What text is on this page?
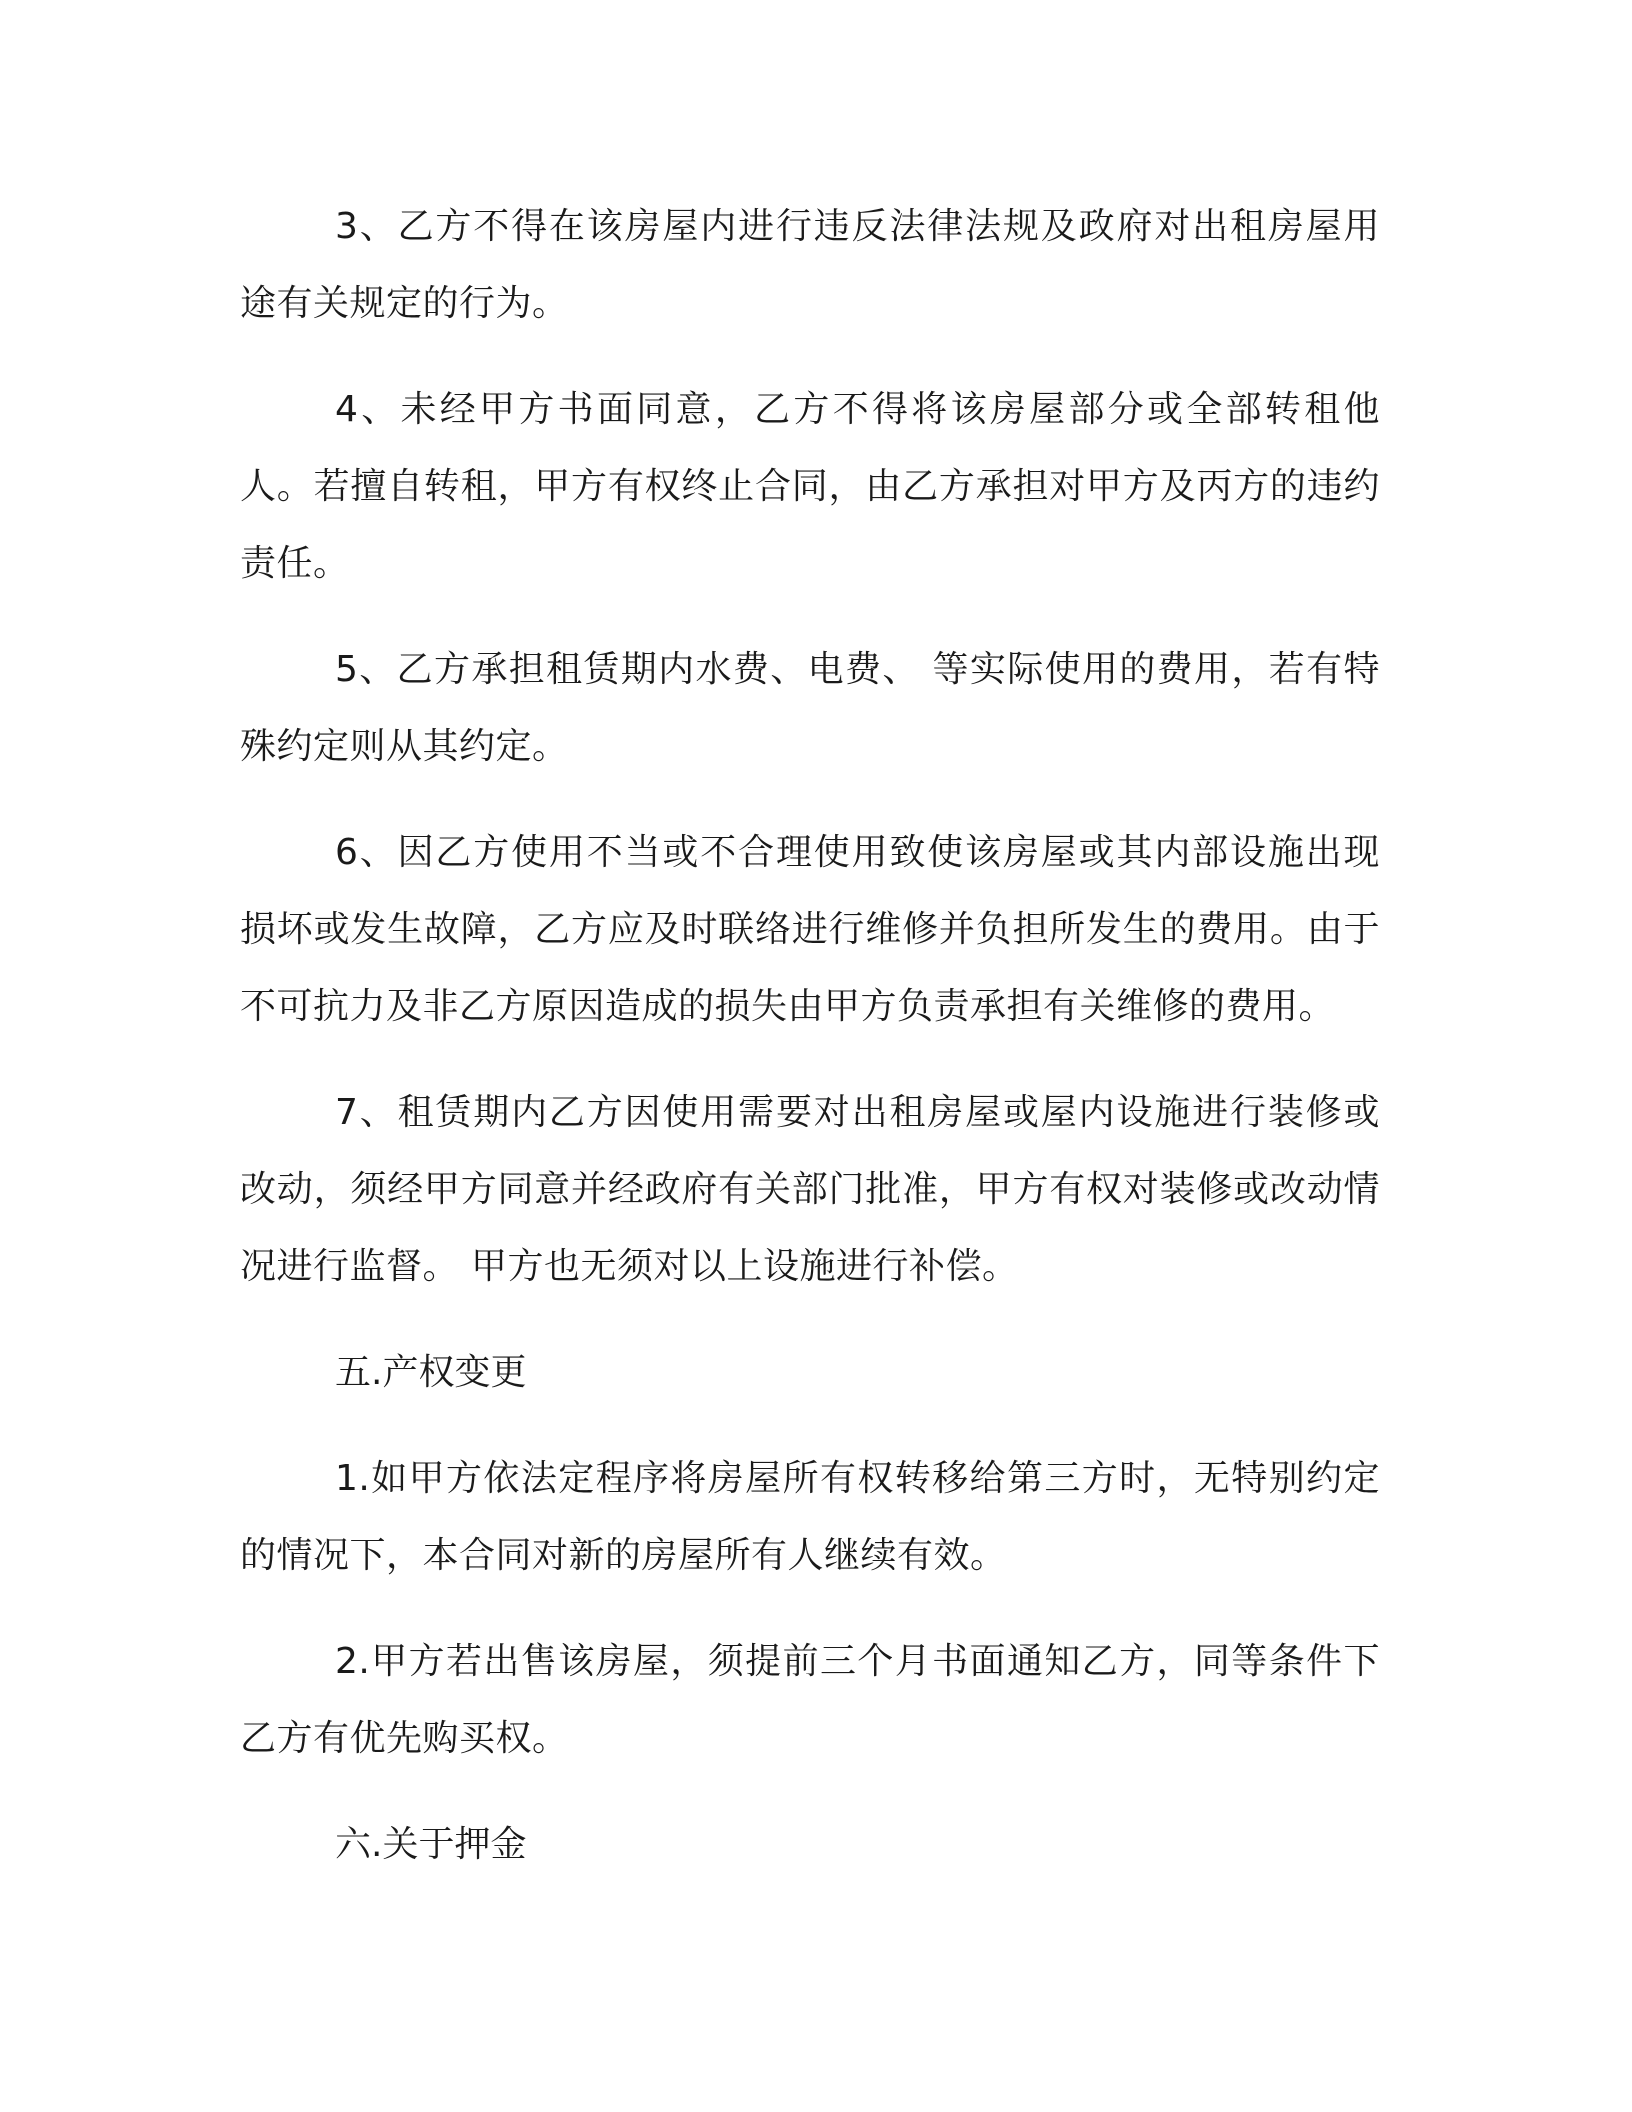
3、乙方不得在该房屋内进行违反法律法规及政府对出租房屋用途有关规定的行为。

4、未经甲方书面同意，乙方不得将该房屋部分或全部转租他人。若擅自转租，甲方有权终止合同，由乙方承担对甲方及丙方的违约责任。

5、乙方承担租赁期内水费、电费、 等实际使用的费用，若有特殊约定则从其约定。

6、因乙方使用不当或不合理使用致使该房屋或其内部设施出现损坏或发生故障，乙方应及时联络进行维修并负担所发生的费用。由于不可抗力及非乙方原因造成的损失由甲方负责承担有关维修的费用。

7、租赁期内乙方因使用需要对出租房屋或屋内设施进行装修或改动，须经甲方同意并经政府有关部门批准，甲方有权对装修或改动情况进行监督。 甲方也无须对以上设施进行补偿。

五.产权变更

1.如甲方依法定程序将房屋所有权转移给第三方时，无特别约定的情况下，本合同对新的房屋所有人继续有效。

2.甲方若出售该房屋，须提前三个月书面通知乙方，同等条件下乙方有优先购买权。

六.关于押金
